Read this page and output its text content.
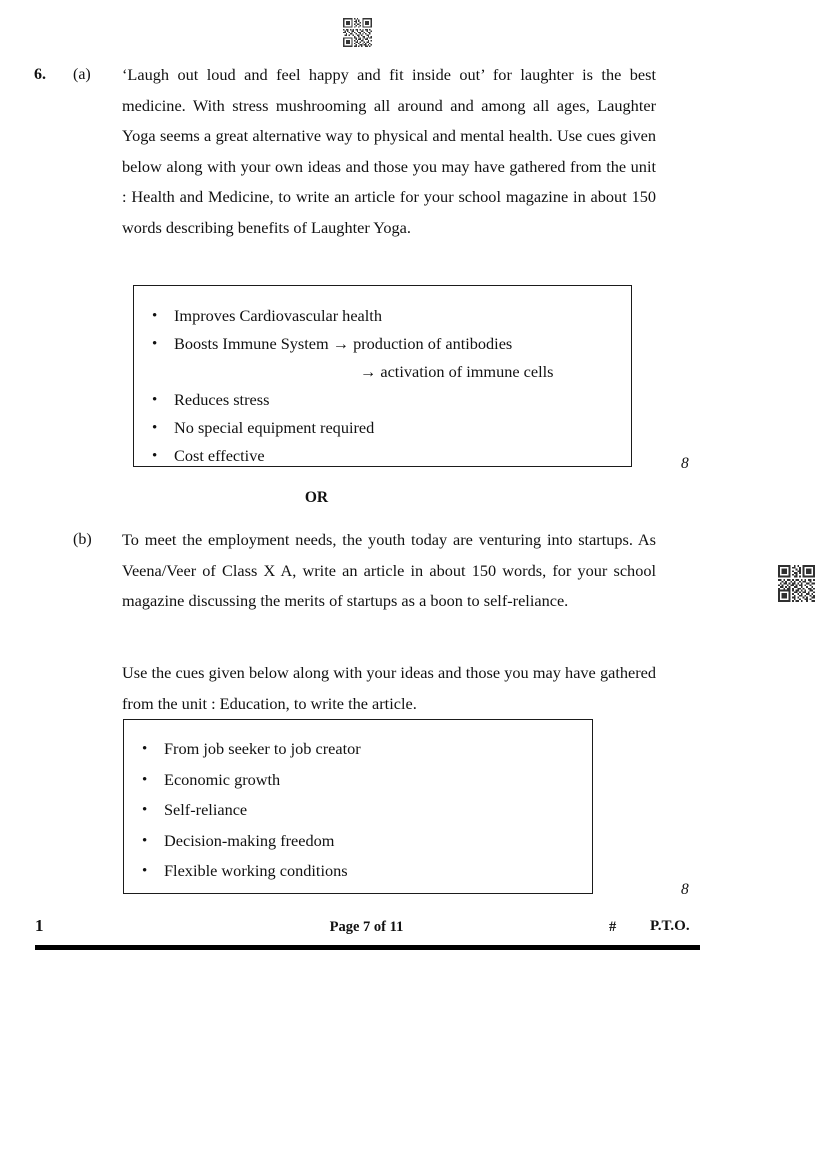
6. (a) ‘Laugh out loud and feel happy and fit inside out’ for laughter is the best medicine. With stress mushrooming all around and among all ages, Laughter Yoga seems a great alternative way to physical and mental health. Use cues given below along with your own ideas and those you may have gathered from the unit : Health and Medicine, to write an article for your school magazine in about 150 words describing benefits of Laughter Yoga.
• Improves Cardiovascular health
• Boosts Immune System → production of antibodies
→ activation of immune cells
• Reduces stress
• No special equipment required
• Cost effective	8
OR
(b) To meet the employment needs, the youth today are venturing into startups. As Veena/Veer of Class X A, write an article in about 150 words, for your school magazine discussing the merits of startups as a boon to self-reliance.
Use the cues given below along with your ideas and those you may have gathered from the unit : Education, to write the article.
• From job seeker to job creator
• Economic growth
• Self-reliance
• Decision-making freedom
• Flexible working conditions
8
1	Page 7 of 11	# P.T.O.
